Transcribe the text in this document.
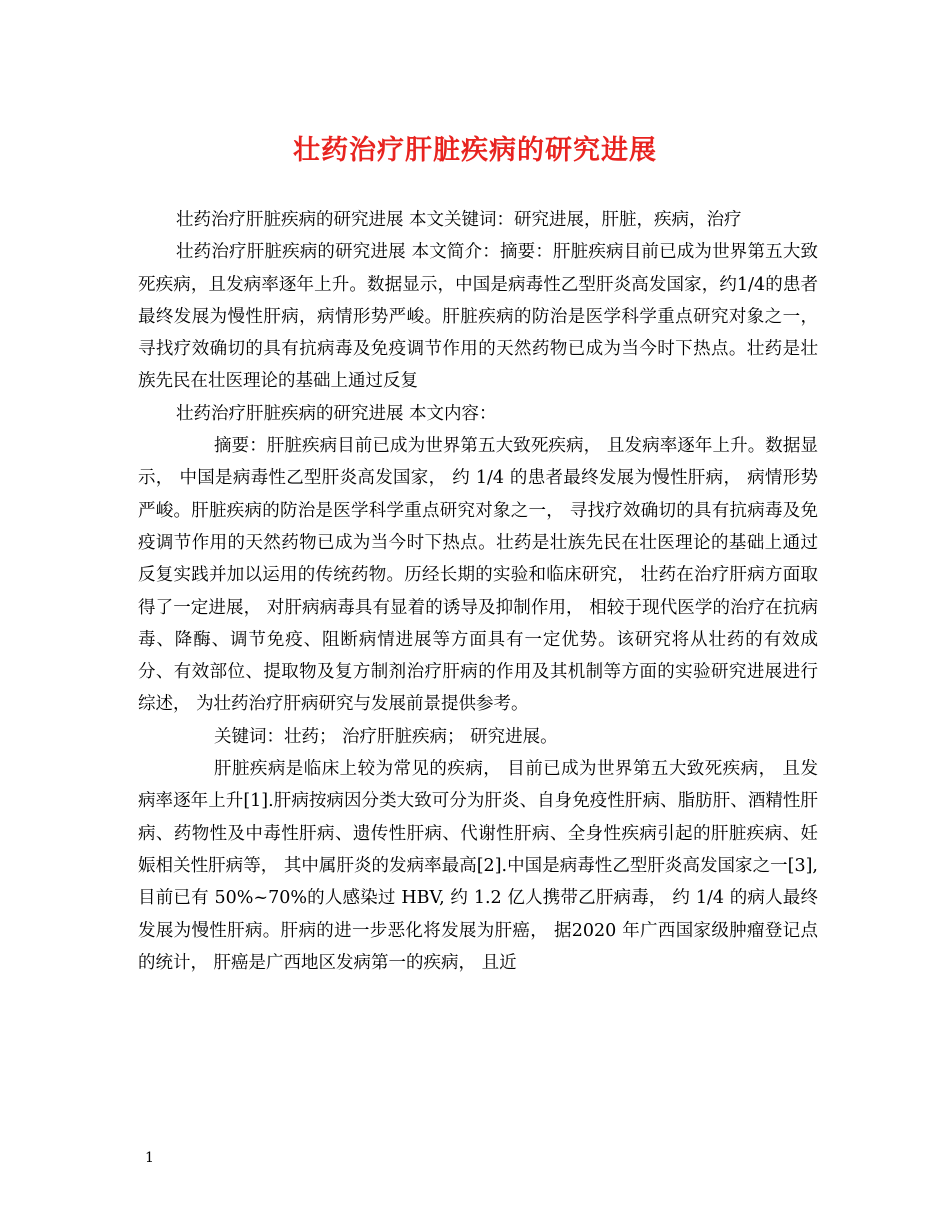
壮药治疗肝脏疾病的研究进展

壮药治疗肝脏疾病的研究进展 本文关键词：研究进展，肝脏，疾病，治疗

壮药治疗肝脏疾病的研究进展 本文简介：摘要：肝脏疾病目前已成为世界第五大致死疾病，且发病率逐年上升。数据显示，中国是病毒性乙型肝炎高发国家，约1/4的患者最终发展为慢性肝病，病情形势严峻。肝脏疾病的防治是医学科学重点研究对象之一，寻找疗效确切的具有抗病毒及免疫调节作用的天然药物已成为当今时下热点。壮药是壮族先民在壮医理论的基础上通过反复

壮药治疗肝脏疾病的研究进展 本文内容：

摘要：肝脏疾病目前已成为世界第五大致死疾病， 且发病率逐年上升。数据显示， 中国是病毒性乙型肝炎高发国家， 约 1/4 的患者最终发展为慢性肝病， 病情形势严峻。肝脏疾病的防治是医学科学重点研究对象之一， 寻找疗效确切的具有抗病毒及免疫调节作用的天然药物已成为当今时下热点。壮药是壮族先民在壮医理论的基础上通过反复实践并加以运用的传统药物。历经长期的实验和临床研究， 壮药在治疗肝病方面取得了一定进展， 对肝病病毒具有显着的诱导及抑制作用， 相较于现代医学的治疗在抗病毒、降酶、调节免疫、阻断病情进展等方面具有一定优势。该研究将从壮药的有效成分、有效部位、提取物及复方制剂治疗肝病的作用及其机制等方面的实验研究进展进行综述， 为壮药治疗肝病研究与发展前景提供参考。

关键词：壮药； 治疗肝脏疾病； 研究进展。

肝脏疾病是临床上较为常见的疾病， 目前已成为世界第五大致死疾病， 且发病率逐年上升[1].肝病按病因分类大致可分为肝炎、自身免疫性肝病、脂肪肝、酒精性肝病、药物性及中毒性肝病、遗传性肝病、代谢性肝病、全身性疾病引起的肝脏疾病、妊娠相关性肝病等， 其中属肝炎的发病率最高[2].中国是病毒性乙型肝炎高发国家之一[3], 目前已有 50%~70%的人感染过 HBV, 约 1.2 亿人携带乙肝病毒， 约 1/4 的病人最终发展为慢性肝病。肝病的进一步恶化将发展为肝癌， 据2020 年广西国家级肿瘤登记点的统计， 肝癌是广西地区发病第一的疾病， 且近

1
